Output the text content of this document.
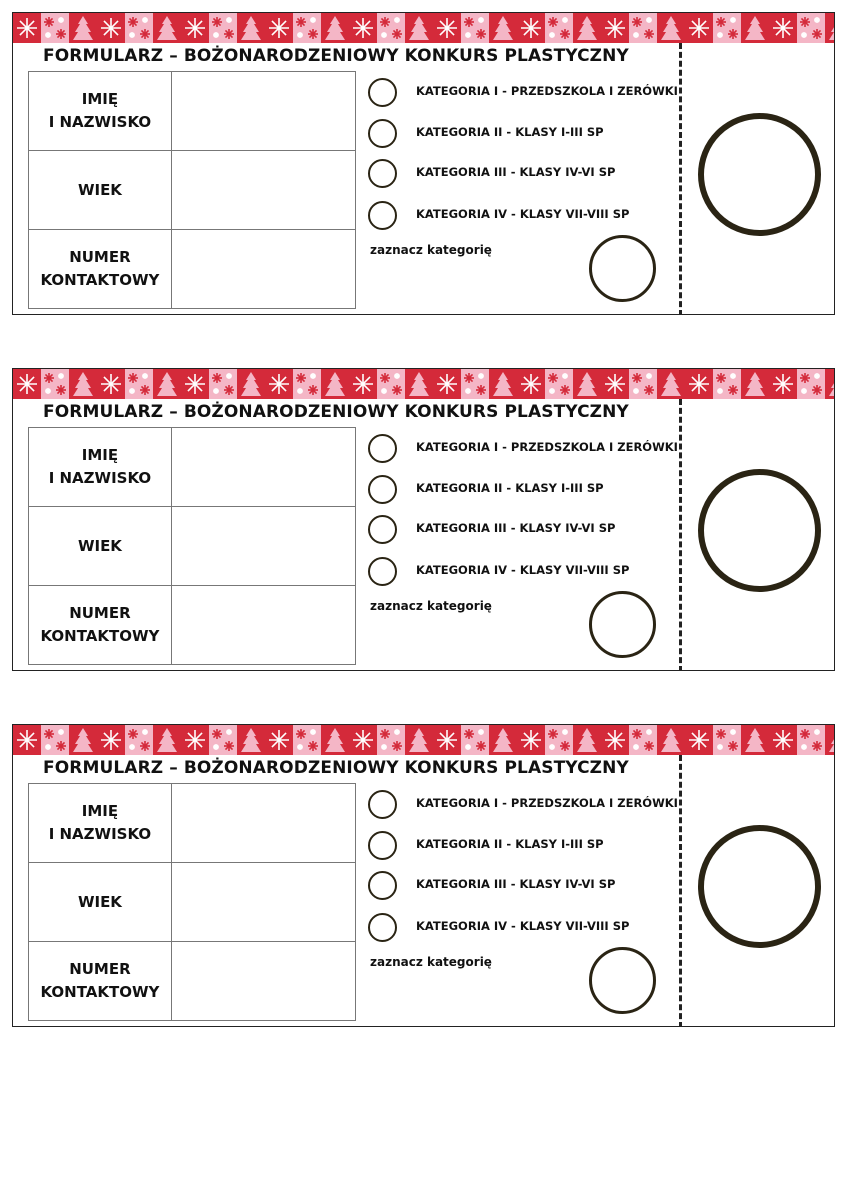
FORMULARZ – BOŻONARODZENIOWY KONKURS PLASTYCZNY
IMIĘ
I NAZWISKO	

WIEK	

NUMER
KONTAKTOWY	

KATEGORIA I - PRZEDSZKOLA I ZERÓWKI
KATEGORIA II - KLASY I-III SP
KATEGORIA III - KLASY IV-VI SP
KATEGORIA IV - KLASY VII-VIII SP
zaznacz kategorię
FORMULARZ – BOŻONARODZENIOWY KONKURS PLASTYCZNY
IMIĘ
I NAZWISKO	

WIEK	

NUMER
KONTAKTOWY	

KATEGORIA I - PRZEDSZKOLA I ZERÓWKI
KATEGORIA II - KLASY I-III SP
KATEGORIA III - KLASY IV-VI SP
KATEGORIA IV - KLASY VII-VIII SP
zaznacz kategorię
FORMULARZ – BOŻONARODZENIOWY KONKURS PLASTYCZNY
IMIĘ
I NAZWISKO	

WIEK	

NUMER
KONTAKTOWY	

KATEGORIA I - PRZEDSZKOLA I ZERÓWKI
KATEGORIA II - KLASY I-III SP
KATEGORIA III - KLASY IV-VI SP
KATEGORIA IV - KLASY VII-VIII SP
zaznacz kategorię
